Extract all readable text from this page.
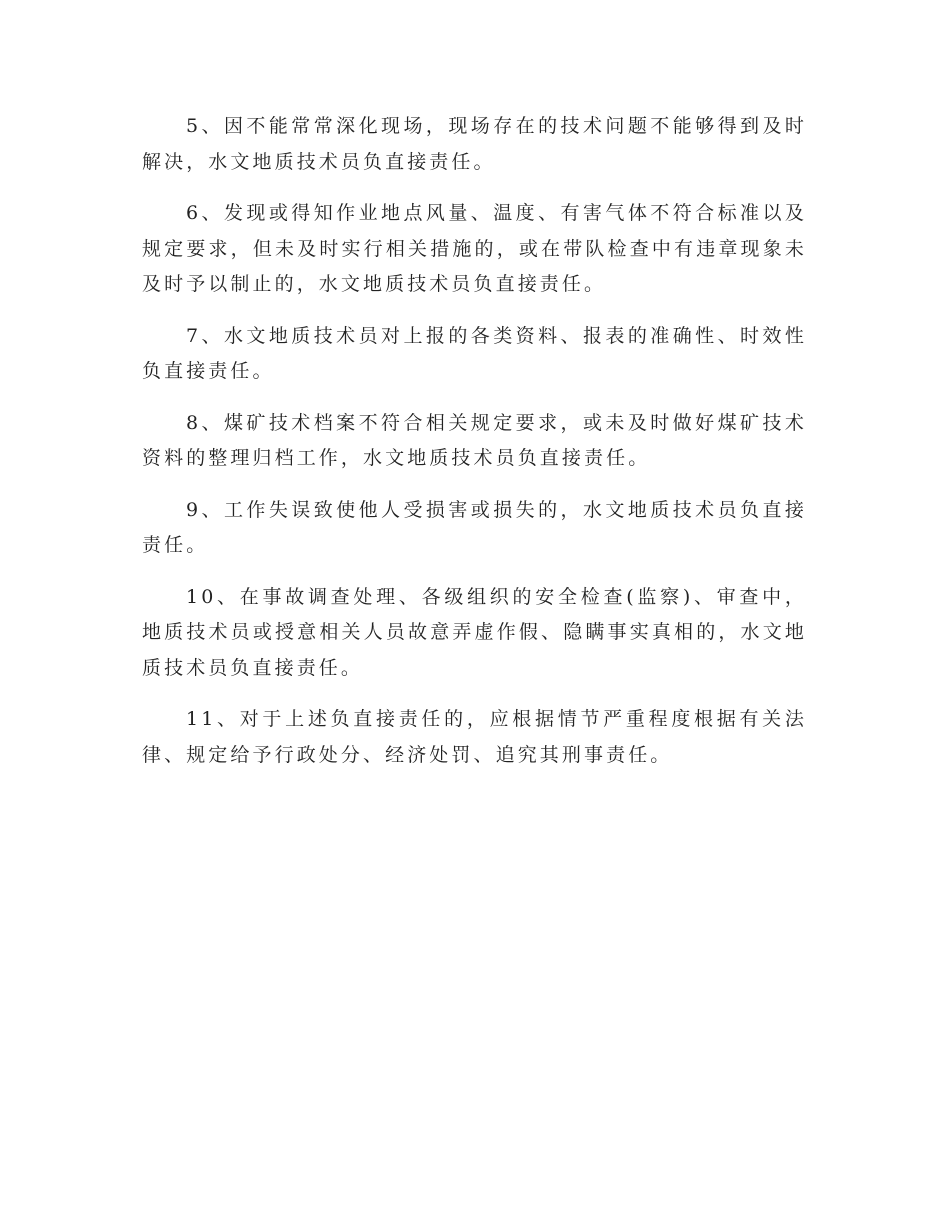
5、因不能常常深化现场，现场存在的技术问题不能够得到及时解决，水文地质技术员负直接责任。

6、发现或得知作业地点风量、温度、有害气体不符合标准以及规定要求，但未及时实行相关措施的，或在带队检查中有违章现象未及时予以制止的，水文地质技术员负直接责任。

7、水文地质技术员对上报的各类资料、报表的准确性、时效性负直接责任。

8、煤矿技术档案不符合相关规定要求，或未及时做好煤矿技术资料的整理归档工作，水文地质技术员负直接责任。

9、工作失误致使他人受损害或损失的，水文地质技术员负直接责任。

10、在事故调查处理、各级组织的安全检查(监察)、审查中，地质技术员或授意相关人员故意弄虚作假、隐瞒事实真相的，水文地质技术员负直接责任。

11、对于上述负直接责任的，应根据情节严重程度根据有关法律、规定给予行政处分、经济处罚、追究其刑事责任。
